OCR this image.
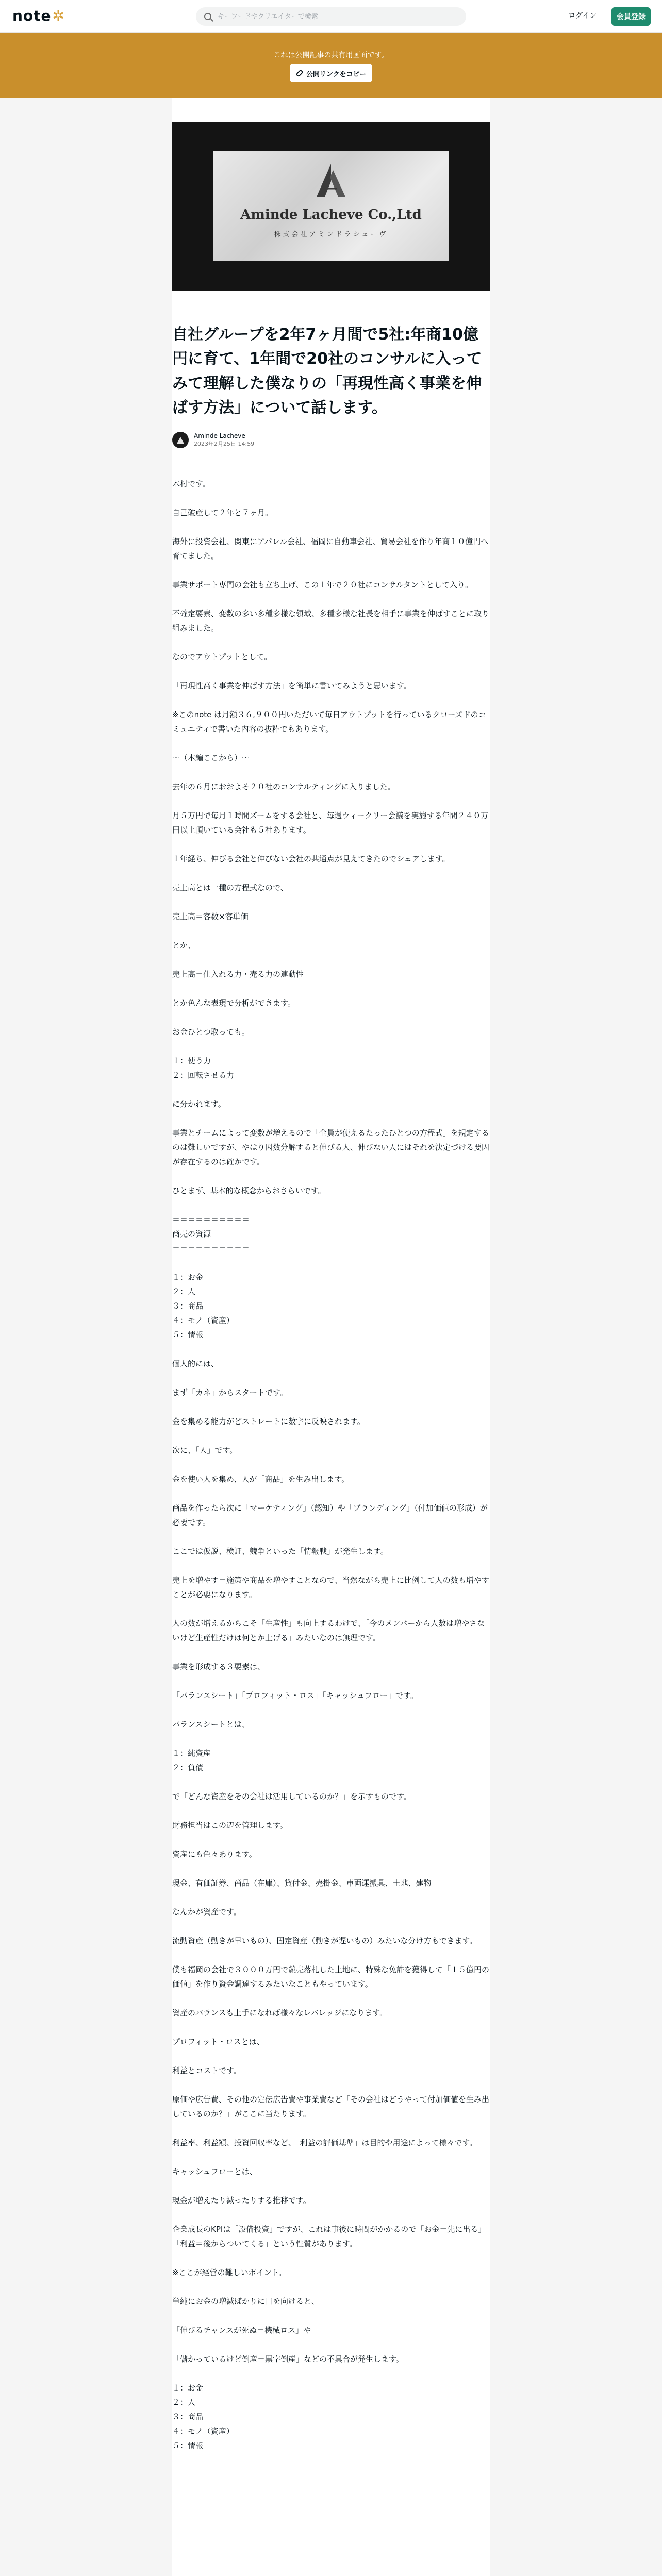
note✲
キーワードやクリエイターで検索	ログイン	会員登録
これは公開記事の共有用画面です。
公開リンクをコピー
Aminde Lacheve Co.,Ltd
株式会社アミンドラシェーヴ
自社グループを2年7ヶ月間で5社:年商10億円に育て、1年間で20社のコンサルに入ってみて理解した僕なりの「再現性高く事業を伸ばす方法」について話します。
Aminde Lacheve
2023年2月25日 14:59

木村です。

自己破産して２年と７ヶ月。

海外に投資会社、関東にアパレル会社、福岡に自動車会社、貿易会社を作り年商１０億円へ育てました。

事業サポート専門の会社も立ち上げ、この１年で２０社にコンサルタントとして入り。

不確定要素、変数の多い多種多様な領域、多種多様な社長を相手に事業を伸ばすことに取り組みました。

なのでアウトプットとして。

「再現性高く事業を伸ばす方法」を簡単に書いてみようと思います。

※このnote は月額３６,９００円いただいて毎日アウトプットを行っているクローズドのコミュニティで書いた内容の抜粋でもあります。

〜（本編ここから）〜

去年の６月におおよそ２０社のコンサルティングに入りました。

月５万円で毎月１時間ズームをする会社と、毎週ウィークリー会議を実施する年間２４０万円以上頂いている会社も５社あります。

１年経ち、伸びる会社と伸びない会社の共通点が見えてきたのでシェアします。

売上高とは一種の方程式なので、

売上高＝客数×客単価

とか、

売上高＝仕入れる力・売る力の連動性

とか色んな表現で分析ができます。

お金ひとつ取っても。

１：使う力
２：回転させる力

に分かれます。

事業とチームによって変数が増えるので「全員が使えるたったひとつの方程式」を規定するのは難しいですが、やはり因数分解すると伸びる人、伸びない人にはそれを決定づける要因が存在するのは確かです。

ひとまず、基本的な概念からおさらいです。

＝＝＝＝＝＝＝＝＝＝
商売の資源
＝＝＝＝＝＝＝＝＝＝

１：お金
２：人
３：商品
４：モノ（資産）
５：情報

個人的には、

まず「カネ」からスタートです。

金を集める能力がどストレートに数字に反映されます。

次に、「人」です。

金を使い人を集め、人が「商品」を生み出します。

商品を作ったら次に「マーケティング」（認知）や「ブランディング」（付加価値の形成）が必要です。

ここでは仮説、検証、競争といった「情報戦」が発生します。

売上を増やす＝施策や商品を増やすことなので、当然ながら売上に比例して人の数も増やすことが必要になります。

人の数が増えるからこそ「生産性」も向上するわけで、「今のメンバーから人数は増やさないけど生産性だけは何とか上げる」みたいなのは無理です。

事業を形成する３要素は、

「バランスシート」「プロフィット・ロス」「キャッシュフロー」です。

バランスシートとは、

１：純資産
２：負債

で「どんな資産をその会社は活用しているのか？」を示すものです。

財務担当はこの辺を管理します。

資産にも色々あります。

現金、有価証券、商品（在庫）、貸付金、売掛金、車両運搬具、土地、建物

なんかが資産です。

流動資産（動きが早いもの）、固定資産（動きが遅いもの）みたいな分け方もできます。

僕も福岡の会社で３０００万円で競売落札した土地に、特殊な免許を獲得して「１５億円の価値」を作り資金調達するみたいなこともやっています。

資産のバランスも上手になれば様々なレバレッジになります。

プロフィット・ロスとは、

利益とコストです。

原価や広告費、その他の定伝広告費や事業費など「その会社はどうやって付加価値を生み出しているのか？」がここに当たります。

利益率、利益額、投資回収率など、「利益の評価基準」は目的や用途によって様々です。

キャッシュフローとは、

現金が増えたり減ったりする推移です。

企業成長のKPIは「設備投資」ですが、これは事後に時間がかかるので「お金＝先に出る」「利益＝後からついてくる」という性質があります。

※ここが経営の難しいポイント。

単純にお金の増減ばかりに目を向けると、

「伸びるチャンスが死ぬ＝機械ロス」や

「儲かっているけど倒産＝黒字倒産」などの不具合が発生します。

１：お金
２：人
３：商品
４：モノ（資産）
５：情報
